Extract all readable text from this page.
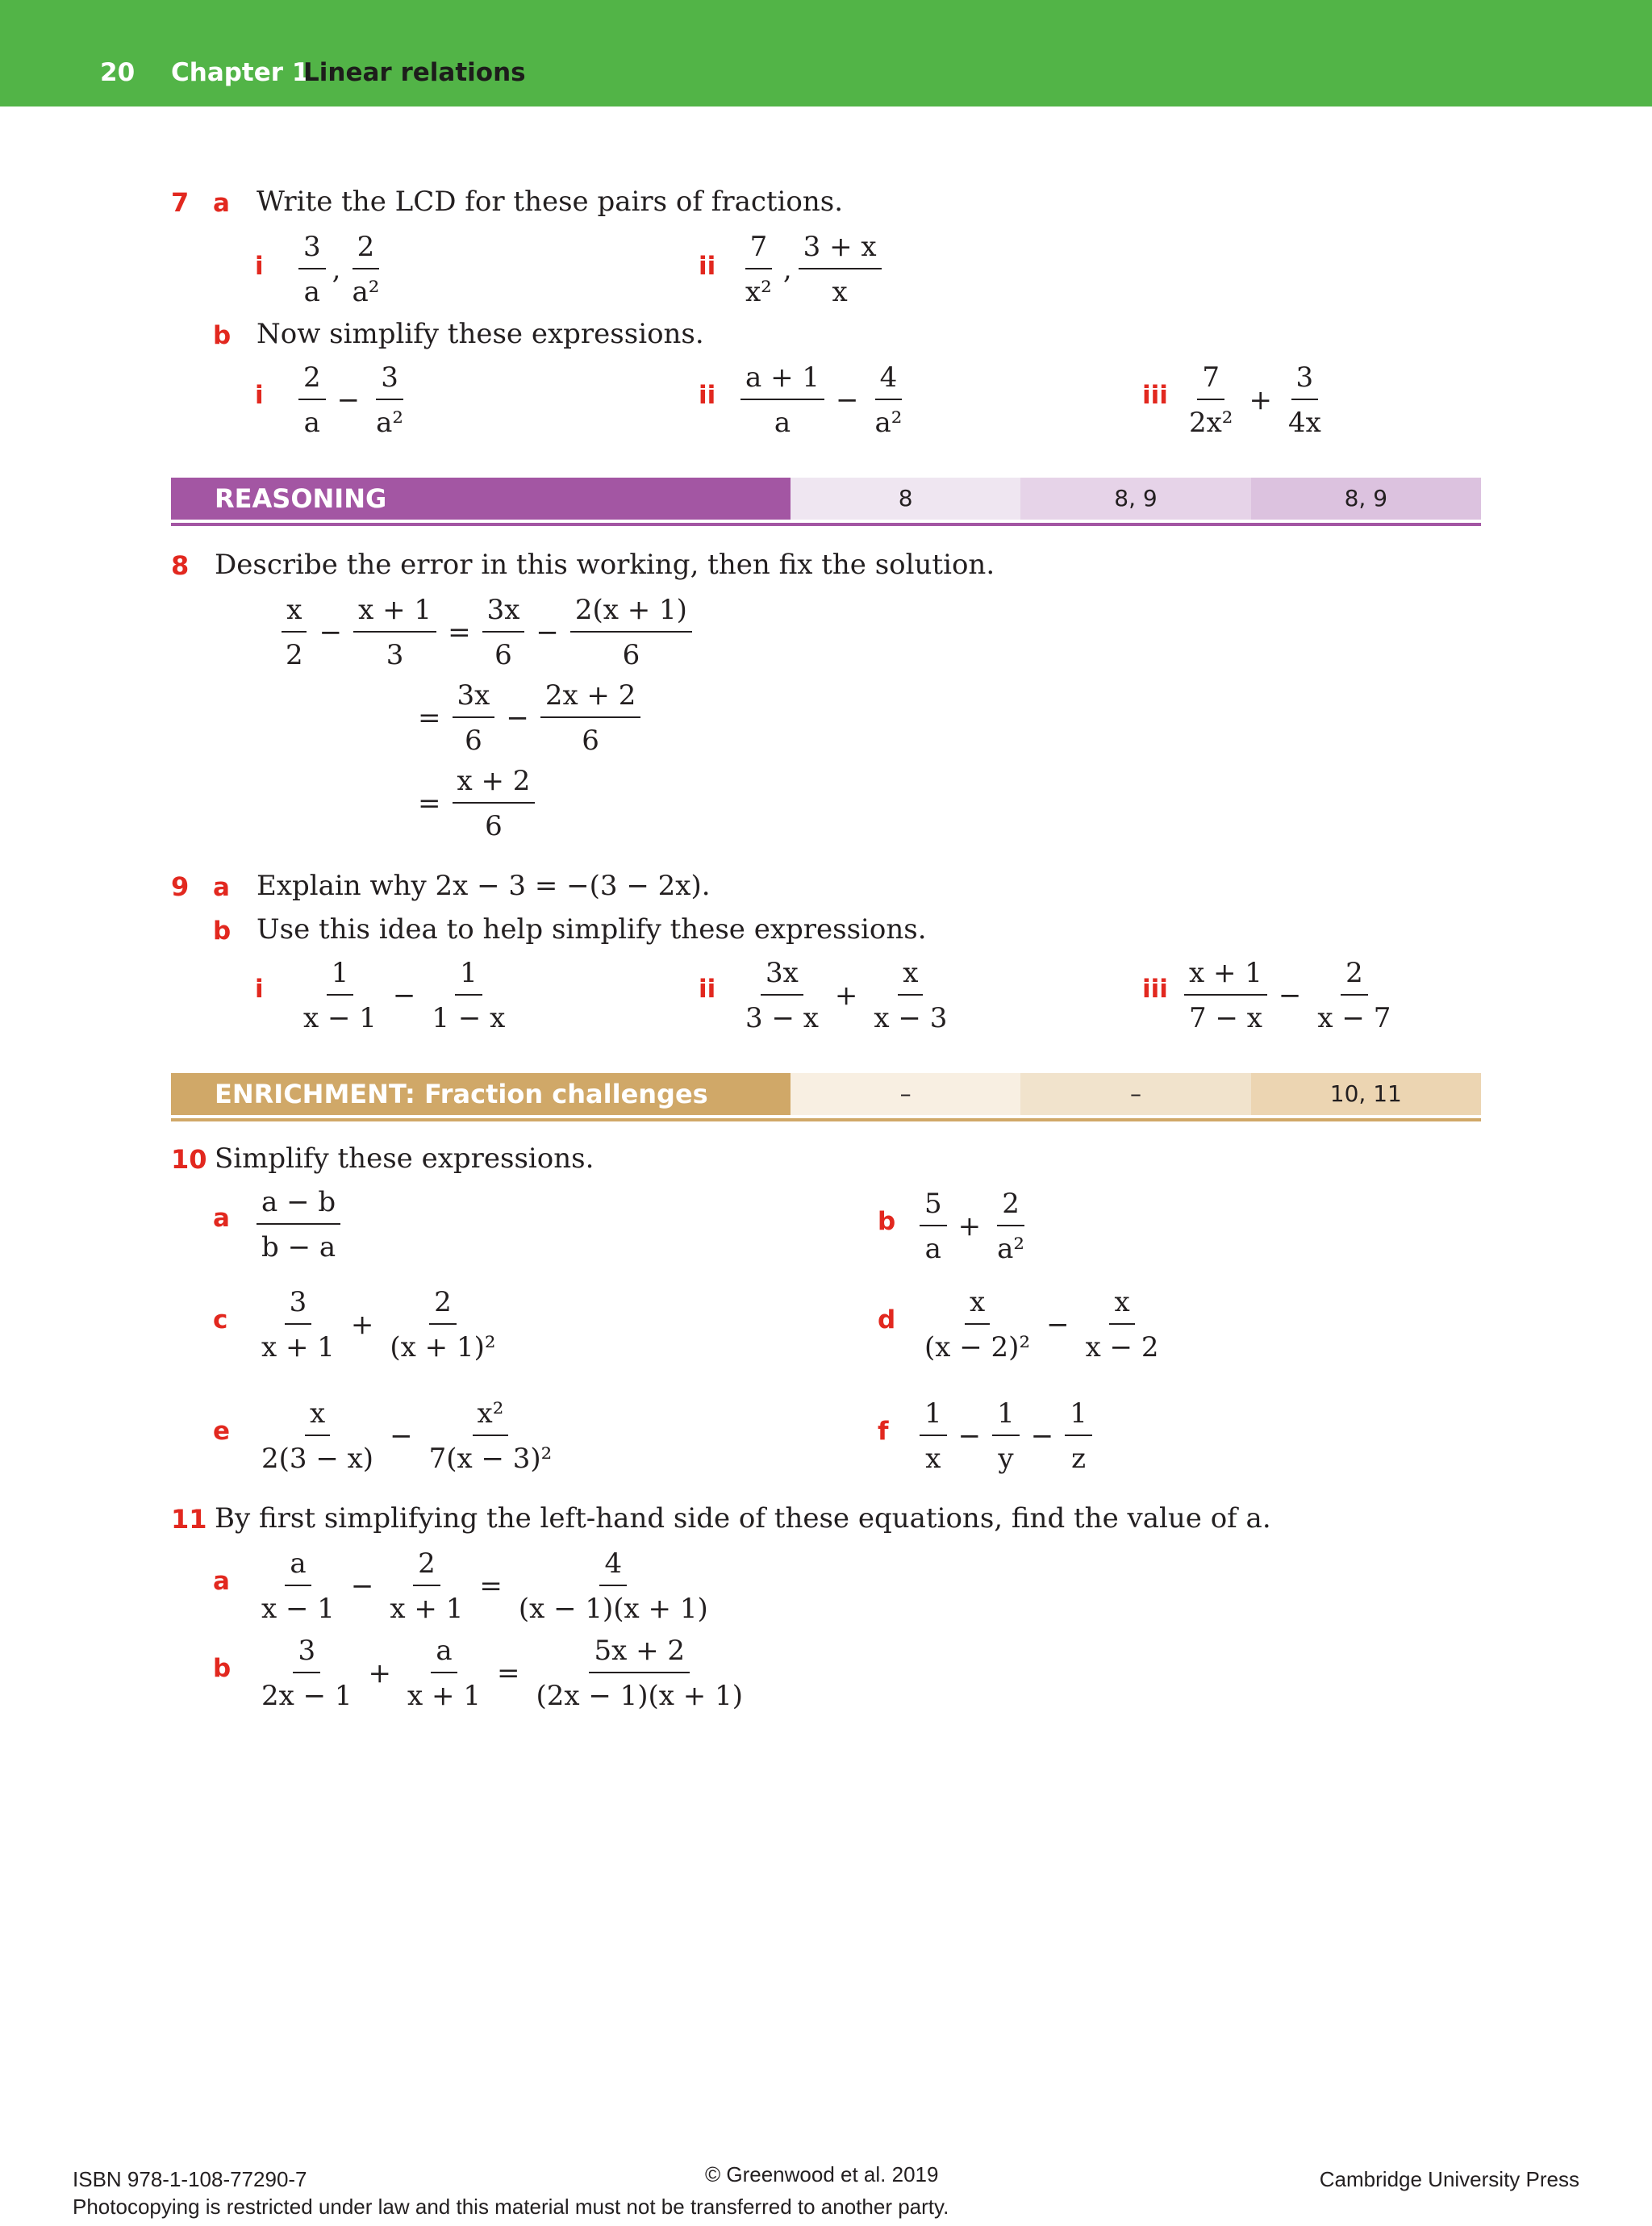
20 Chapter 1
Linear relations
7 a Write the LCD for these pairs of fractions.
i $\frac{3}{a}$ , $\frac{2}{\text{a²}}$	ii $\frac{7}{\text{x²}}$ , $\frac{3 + x}{x}$
b Now simplify these expressions.
i $\frac{2}{a} - \frac{3}{\text{a²}}$	ii $\frac{a + 1}{a} - \frac{4}{\text{a²}}$	iii $\frac{7}{\text{2x²}} + \frac{3}{4x}$
REASONING	8	8, 9	8, 9
8 Describe the error in this working, then fix the solution.
$\frac{x}{2} - \frac{x + 1}{3} = \frac{3x}{6} - \frac{2(x + 1)}{6}$
= $\frac{3x}{6} - \frac{2x + 2}{6}$
= $\frac{x + 2}{6}$
9 a Explain why 2x − 3 = −(3 − 2x).
b Use this idea to help simplify these expressions.
i $\frac{1}{x - 1} - \frac{1}{1 - x}$	ii $\frac{3x}{3 - x} + \frac{x}{x - 3}$	iii $\frac{x + 1}{7 - x} - \frac{2}{x - 7}$
ENRICHMENT: Fraction challenges	–	–	10, 11
10 Simplify these expressions.
a $\frac{a - b}{b - a}$	b $\frac{5}{a} + \frac{2}{\text{a²}}$
c $\frac{3}{x + 1} + \frac{2}{\text{(x + 1)²}}$	d $\frac{x}{\text{(x − 2)²}} - \frac{x}{x - 2}$
e $\frac{x}{2(3 - x)} - \frac{\text{x²}}{\text{7(x − 3)²}}$	f $\frac{1}{x} - \frac{1}{y} - \frac{1}{z}$
11 By first simplifying the left-hand side of these equations, find the value of a.
a $\frac{a}{x - 1} - \frac{2}{x + 1} = \frac{4}{(x - 1)(x + 1)}$
b $\frac{3}{2x - 1} + \frac{a}{x + 1} = \frac{5x + 2}{(2x - 1)(x + 1)}$
ISBN 978-1-108-77290-7	© Greenwood et al. 2019	Cambridge University Press
Photocopying is restricted under law and this material must not be transferred to another party.
